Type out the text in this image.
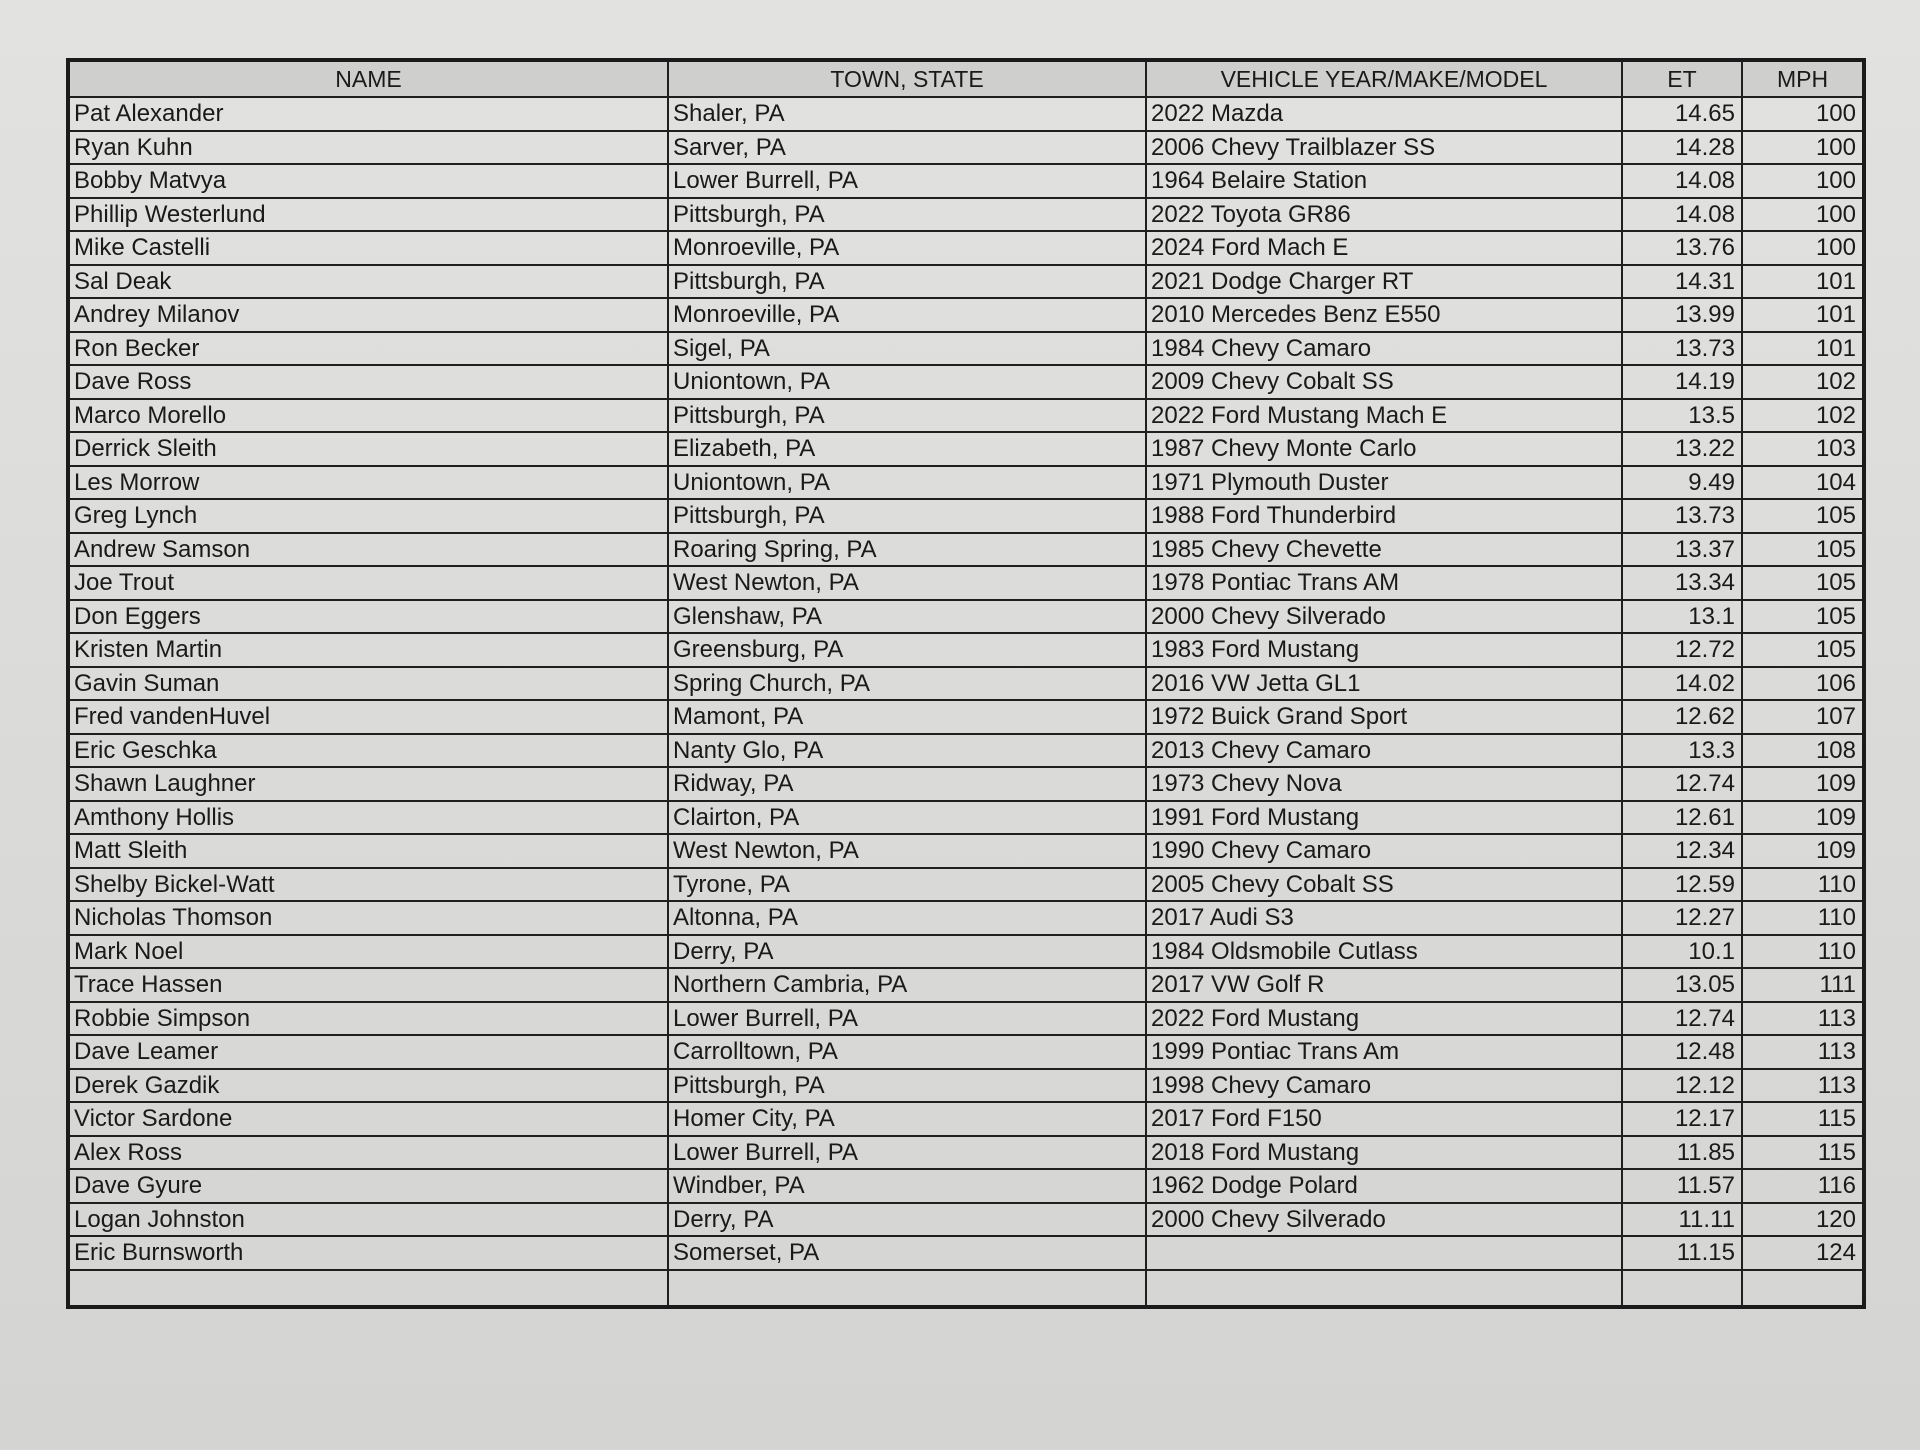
NAME	TOWN, STATE	VEHICLE YEAR/MAKE/MODEL	ET	MPH
Pat Alexander	Shaler, PA	2022 Mazda	14.65	100
Ryan Kuhn	Sarver, PA	2006 Chevy Trailblazer SS	14.28	100
Bobby Matvya	Lower Burrell, PA	1964 Belaire Station	14.08	100
Phillip Westerlund	Pittsburgh, PA	2022 Toyota GR86	14.08	100
Mike Castelli	Monroeville, PA	2024 Ford Mach E	13.76	100
Sal Deak	Pittsburgh, PA	2021 Dodge Charger RT	14.31	101
Andrey Milanov	Monroeville, PA	2010 Mercedes Benz E550	13.99	101
Ron Becker	Sigel, PA	1984 Chevy Camaro	13.73	101
Dave Ross	Uniontown, PA	2009 Chevy Cobalt SS	14.19	102
Marco Morello	Pittsburgh, PA	2022 Ford Mustang Mach E	13.5	102
Derrick Sleith	Elizabeth, PA	1987 Chevy Monte Carlo	13.22	103
Les Morrow	Uniontown, PA	1971 Plymouth Duster	9.49	104
Greg Lynch	Pittsburgh, PA	1988 Ford Thunderbird	13.73	105
Andrew Samson	Roaring Spring, PA	1985 Chevy Chevette	13.37	105
Joe Trout	West Newton, PA	1978 Pontiac Trans AM	13.34	105
Don Eggers	Glenshaw, PA	2000 Chevy Silverado	13.1	105
Kristen Martin	Greensburg, PA	1983 Ford Mustang	12.72	105
Gavin Suman	Spring Church, PA	2016 VW Jetta GL1	14.02	106
Fred vandenHuvel	Mamont, PA	1972 Buick Grand Sport	12.62	107
Eric Geschka	Nanty Glo, PA	2013 Chevy Camaro	13.3	108
Shawn Laughner	Ridway, PA	1973 Chevy Nova	12.74	109
Amthony Hollis	Clairton, PA	1991 Ford Mustang	12.61	109
Matt Sleith	West Newton, PA	1990 Chevy Camaro	12.34	109
Shelby Bickel-Watt	Tyrone, PA	2005 Chevy Cobalt SS	12.59	110
Nicholas Thomson	Altonna, PA	2017 Audi S3	12.27	110
Mark Noel	Derry, PA	1984 Oldsmobile Cutlass	10.1	110
Trace Hassen	Northern Cambria, PA	2017 VW Golf R	13.05	111
Robbie Simpson	Lower Burrell, PA	2022 Ford Mustang	12.74	113
Dave Leamer	Carrolltown, PA	1999 Pontiac Trans Am	12.48	113
Derek Gazdik	Pittsburgh, PA	1998 Chevy Camaro	12.12	113
Victor Sardone	Homer City, PA	2017 Ford F150	12.17	115
Alex Ross	Lower Burrell, PA	2018 Ford Mustang	11.85	115
Dave Gyure	Windber, PA	1962 Dodge Polard	11.57	116
Logan Johnston	Derry, PA	2000 Chevy Silverado	11.11	120
Eric Burnsworth	Somerset, PA		11.15	124
